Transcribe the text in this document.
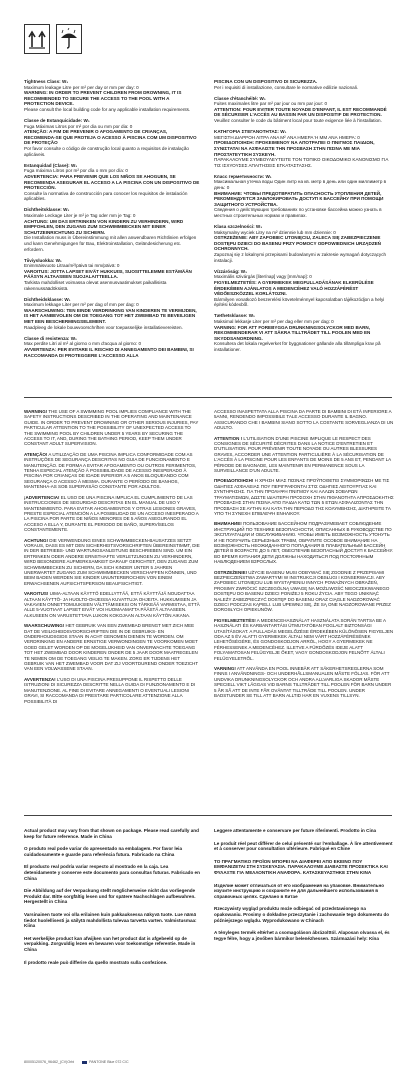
Tightness Class: W₁
Maximum leakage Litre per m² per day or mm per day: 0
WARNING: IN ORDER TO PREVENT CHILDREN FROM DROWNING, IT IS RECOMMENDED TO SECURE THE ACCESS TO THE POOL WITH A PROTECTION DEVICE.
Please consult the local building code for any applicable installation requirements.
Classe de Estanquicidade: W₁
Fuga Máximas Litros por m² por dia ou mm por dia: 0
ATENÇÃO: A FIM DE PREVENIR O AFOGAMENTO DE CRIANÇAS, RECOMENDA-SE QUE PROTEJA O ACESSO À PISCINA COM UM DISPOSITIVO DE PROTEÇÃO
Por favor consulte o código de construção local quanto a requisitos de instalação aplicáveis.
Estanquidad (Clase): W₁
Fuga máxima Litros por m² por día o mm por día: 0
ADVERTENCIA: PARA PREVENIR QUE LOS NIÑOS SE AHOGUEN, SE RECOMIENDA ASEGURAR EL ACCESO A LA PISCINA CON UN DISPOSITIVO DE PROTECCIÓN.
Consulte la normativa de construcción para conocer los requisitos de instalación aplicables.
Dichtheitsklasse: W₁
Maximale Leckage Liter je m² je Tag oder mm je Tag: 0
ACHTUNG: UM DAS ERTRINKEN VON KINDERN ZU VERHINDERN, WIRD EMPFOHLEN, DEN ZUGANG ZUM SCHWIMMBECKEN MIT EINER SCHUTZEINRICHTUNG ZU SICHERN.
Die Installation muss in Übereinstimmung mit allen anwendbaren Richtlinien erfolgen und kann Genehmigungen für Bau, Elektroinstallation, Geländesicherung etc. erfordern.
Tiiviysluokka: W₁
Enimmäisvuoto Litraa/m²/päivä tai mm/päivä: 0
VAROITUS: JOTTA LAPSET EIVÄT HUKKUISI, SUOSITTELEMME ESTÄMÄÄN PÄÄSYN ALTAASEEN SUOJALAITTEELLA.
Tarkista mahdolliset voimassa olevat asennusvaatimukset paikallisista rakennussäädöksistä.
Dichtheidsklasse: W₁
Maximum lekkage Liter per m² per dag of mm per dag: 0
WAARSCHUWING: TEN EINDE VERDRINKING VAN KINDEREN TE VERMIJDEN, IS HET AANBEVOLEN OM DE TOEGANG TOT HET ZWEMBAD TE BEVEILIGEN MET EEN BESCHERMINGSELEMENT.
Raadpleeg de lokale bouwvoorschriften voor toepasselijke installatievereisten.
Classe di resistenza: W₁
Max perdite Litri al m² al giorno o mm d'acqua al giorno: 0
AVVERTENZA: PER EVITARE IL RISCHIO DI ANNEGAMENTO DEI BAMBINI, SI RACCOMANDA DI PROTEGGERE L'ACCESSO ALLA
PISCINA CON UN DISPOSITIVO DI SICUREZZA.
Per i requisiti di installazione, consultare le normative edilizie nazionali.
Classe d'étanchéité: W₁
Fuites maximales litre par m² par jour ou mm par jour: 0
ATTENTION: POUR EVITER TOUTE NOYADE D'ENFANT, IL EST RECOMMANDÉ DE SÉCURISER L'ACCÈS AU BASSIN PAR UN DISPOSITIF DE PROTECTION.
Veuillez consulter le code du bâtiment local pour toute exigence liée à l'installation.
ΚΑΤΗΓΟΡΙΑ ΣΤΕΓΑΝΟΤΗΤΑΣ: W₁
ΜΕΓΙΣΤΗ ΔΙΑΡΡΟΗ ΛΙΤΡΑ ΑΝΑ M² ΑΝΑ ΗΜΕΡΑ Ή ΜΜ ΑΝΑ ΗΜΕΡΑ: 0
ΠΡΟΕΙΔΟΠΟΙΗΣΗ: ΠΡΟΚΕΙΜΕΝΟΥ ΝΑ ΑΠΟΤΡΑΠΕΙ Ο ΠΝΙΓΜΟΣ ΠΑΙΔΙΩΝ, ΣΥΝΙΣΤΑΤΑΙ ΝΑ ΑΣΦΑΛΙΣΤΕ ΤΗΝ ΠΡΟΣΒΑΣΗ ΣΤΗΝ ΠΙΣΙΝΑ ΜΕ ΜΙΑ ΠΡΟΣΤΑΤΕΥΤΙΚΗ ΣΥΣΚΕΥΗ.
ΠΑΡΑΚΑΛΟΥΜΕ ΣΥΜΒΟΥΛΕΥΤΕΙΤΕ ΤΟΝ ΤΟΠΙΚΟ ΟΙΚΟΔΟΜΙΚΟ ΚΑΝΟΝΙΣΜΟ ΓΙΑ ΤΙΣ ΙΣΧΥΟΥΣΕΣ ΑΠΑΙΤΗΣΕΙΣ ΕΓΚΑΤΑΣΤΑΣΗΣ.
Класс герметичности: W₁
Максимальная утечка воды Один литр на кв. метр в день или один миллиметр в день: 0
ВНИМАНИЕ: ЧТОБЫ ПРЕДОТВРАТИТЬ ОПАСНОСТЬ УТОПЛЕНИЯ ДЕТЕЙ, РЕКОМЕНДУЕТСЯ ЗАБЛОКИРОВАТЬ ДОСТУП К БАССЕЙНУ ПРИ ПОМОЩИ ЗАЩИТНОГО УСТРОЙСТВА.
Сведения о действующих требованиях по установке бассейна можно узнать в местных строительных нормах и правилах.
Klasa szczelności: W₁
Maksymalny wyciek Litry na m² dziennie lub mm dziennie: 0
OSTRZEŻENIE: ABY ZAPOBIEC UTONIĘCIU, ZALECA SIĘ ZABEZPIECZENIE DOSTĘPU DZIECI DO BASENU PRZY POMOCY ODPOWIEDNICH URZĄDZEŃ OCHRONNYCH.
Zapoznaj się z lokalnymi przepisami budowlanymi w zakresie wymagań dotyczących instalacji.
Vízzáróság: W₁
Maximális szivárgás [liter/nap] vagy [mm/nap]: 0
FIGYELMEZTETÉS: A GYERMEKEK MEGFULLADÁSÁNAK ELKERÜLÉSE ÉRDEKÉBEN AJÁNLATOS A MEDENCÉHEZ VALÓ HOZZÁFÉRÉST VÉDŐESZKÖZZEL KORLÁTOZNI.
Bármilyen vonatkozó beszerelési követelménnyel kapcsolatban tájékozódjon a helyi építési kódexből.
Tæthetsklasse: W₁
Maksimal lekkasje Liter per m² per dag eller mm per dag: 0
VARNING: FOR ATT FOREBYGGA DRUNKNINGSOLYCKOR MED BARN, REKOMMENDERAR VI ATT SÄKRA TILLTRÄDET TILL POOLEN MED EN SKYDDSANORDNING.
Konsultera det lokala regelverket för byggnationer gällande alla tillämpliga krav på installationer.
WARNING! THE USE OF A SWIMMING POOL IMPLIES COMPLIANCE WITH THE SAFETY INSTRUCTIONS DESCRIBED IN THE OPERATING AND MAINTENANCE GUIDE. IN ORDER TO PREVENT DROWNING OR OTHER SERIOUS INJURIES, PAY PARTICULAR ATTENTION TO THE POSSIBILITY OF UNEXPECTED ACCESS TO THE SWIMMING POOL BY CHILDREN UNDER 5 YEARS BY SECURING THE ACCESS TO IT, AND, DURING THE BATHING PERIOD, KEEP THEM UNDER CONSTANT ADULT SUPERVISION.
ATENÇÃO! A UTILIZAÇÃO DE UMA PISCINA IMPLICA CONFORMIDADE COM AS INSTRUÇÕES DE SEGURANÇA DESCRITAS NO GUIA DE FUNCIONAMENTO E MANUTENÇÃO. DE FORMA A EVITAR AFOGAMENTO OU OUTROS FERIMENTOS, TENHA ESPECIAL ATENÇÃO À POSSIBILIDADE DE ACESSO INESPERADO À PISCINA POR CRIANÇAS DE IDADE INFERIOR A 5 ANOS BLOQUEANDO COM SEGURANÇA O ACESSO À MESMA. DURANTE O PERÍODO DE BANHOS, MANTENHA-AS SOB SUPERVISÃO CONSTANTE POR ADULTOS.
¡ADVERTENCIA! EL USO DE UNA PISCINA IMPLICA EL CUMPLIMIENTO DE LAS INSTRUCCIONES DE SEGURIDAD DESCRITAS EN EL MANUAL DE USO Y MANTENIMIENTO. PARA EVITAR AHOGAMIENTOS Y OTRAS LESIONES GRAVES, PRESTE ESPECIAL ATENCIÓN A LA POSIBILIDAD DE UN ACCESO INESPERADO A LA PISCINA POR PARTE DE NIÑOS MENORES DE 5 AÑOS ASEGURANDO EL ACCESO A ELLA Y, DURANTE EL PERIODO DE BAÑO, SUPERVÍSELOS CONSTANTEMENTE.
ACHTUNG! DIE VERWENDUNG EINES SCHWIMMBECKEN-BAUSATZES SETZT VORAUS, DASS ES MIT DEN SICHERHEITSVORSCHRIFTEN ÜBEREINSTIMMT, DIE IN DER BETRIEBS- UND WARTUNGSANLEITUNG BESCHRIEBEN SIND. UM EIN ERTRINKEN ODER ANDERE ERNSTHAFTE VERLETZUNGEN ZU VERHINDERN, WIRD BESONDERE AUFMERKSAMKEIT DARAUF GERICHTET, DEN ZUGANG ZUM SCHWIMMBECKEN ZU SICHERN, DA SICH KINDER UNTER 5 JAHREN UNERWARTET ZUGANG ZUM SCHWIMMBECKEN VERSCHAFFEN KÖNNEN, UND BEIM BADEN WERDEN SIE KINDER UNUNTERBROCHEN VON EINEM ERWACHSENEN AUFSICHTSPERSON BEAUFSICHTIGT.
VAROITUS! UIMA-ALTAAN KÄYTTÖ EDELLYTTÄÄ, ETTÄ KÄYTTÄJÄ NOUDATTAA ALTAAN KÄYTTÖ- JA HUOLTO-OHJEISSA KUVATTUJA OHJEITA. HUKKUMISEN JA VAKAVIEN ONNETTOMUUKSIEN VÄLTTÄMISEKSI ON TÄRKEÄÄ VARMISTAA, ETTÄ ALLE 5-VUOTIAAT LAPSET EIVÄT VOI HUOMAAMATTA PÄÄSTÄ ALTAASEEN. ALKUSEEN ON VARUSTETTAVA LUKON KOKOJAAN ALTAAN KÄYTÖN AIKANA.
WAARSCHUWING! HET GEBRUIK VAN EEN ZWEMBAD BRENGT MET ZICH MEE DAT DE VEILIGHEIDSVOORSCHRIFTEN DIE IN DE GEBRUIKS- EN ONDERHOUDSGIDS STAAN IN ACHT GENOMEN DIENEN TE WORDEN. OM VERDRINKING EN ANDERE ERNSTIGE VERWONDINGEN TE VOORKOMEN MOET GOED GELET WORDEN OP DE MOGELIJKHEID VAN ONVERWACHTE TOEGANG TOT HET ZWEMBAD DOOR KINDEREN ONDER DE 5 JAAR DOOR MAATREGELEN TE NEMEN OM DE TOEGANG VEILIG TE MAKEN. ZORG ER TIJDENS HET GEBRUIK VAN HET ZWEMBAD VOOR DAT ZIJ VOORTDUREND ONDER TOEZICHT VAN EEN VOLWASSENE STAAN.
AVVERTENZA! L'USO DI UNA PISCINA PRESUPPONE IL RISPETTO DELLE ISTRUZIONI DI SICUREZZA DESCRITTE NELLA GUIDA DI FUNZIONAMENTO E DI MANUTENZIONE. AL FINE DI EVITARE ANNEGAMENTI O EVENTUALI LESIONI GRAVI, SI RACCOMANDA DI PRESTARE PARTICOLARE ATTENZIONE ALLA POSSIBILITÀ DI
ACCESSO INASPETTATA ALLA PISCINA DA PARTE DI BAMBINI DI ETÀ INFERIORE A 5ANNI, RENDENDO IMPOSSIBILE TALE ACCESSO DURANTE IL BAGNO. ASSICURANDO CHE I BAMBINI SIANO SOTTO LA COSTANTE SORVEGLIANZA DI UN ADULTO.
ATTENTION ! L'UTILISATION D'UNE PISCINE IMPLIQUE LE RESPECT DES CONSIGNES DE SÉCURITÉ DÉCRITES DANS LA NOTICE D'ENTRETIEN ET D'UTILISATION. POUR PRÉVENIR TOUTE NOYADE OU AUTRES BLESSURES GRAVES, ACCORDER UNE ATTENTION PARTICULIÈRE À LA SÉCURISATION DE L'ACCÈS À LA PISCINE POUR LES ENFANTS DE MOINS DE 5 ANS ET, PENDANT LA PÉRIODE DE BAIGNADE, LES MAINTENIR EN PERMANENCE SOUS LA SURVEILLANCE D'UN ADULTE.
ΠΡΟΕΙΔΟΠΟΙΗΣΗ! Η ΧΡΗΣΗ ΜΙΑΣ ΠΙΣΙΝΑΣ ΠΡΟΫΠΟΘΕΤΕΙ ΣΥΜΜΟΡΦΩΣΗ ΜΕ ΤΙΣ ΟΔΗΓΙΕΣ ΑΣΦΑΛΕΙΑΣ ΠΟΥ ΠΕΡΙΓΡΑΦΟΝΤΑΙ ΣΤΙΣ ΟΔΗΓΙΕΣ ΛΕΙΤΟΥΡΓΙΑΣ ΚΑΙ ΣΥΝΤΗΡΗΣΗΣ. ΓΙΑ ΤΗΝ ΠΡΟΛΗΨΗ ΠΝΙΓΜΟΥ ΚΑΙ ΑΛΛΩΝ ΣΟΒΑΡΩΝ ΤΡΑΥΜΑΤΙΣΜΩΝ, ΔΩΣΤΕ ΙΔΙΑΙΤΕΡΗ ΠΡΟΣΟΧΗ ΣΤΗΝ ΠΙΘΑΝΟΤΗΤΑ ΑΠΡΟΣΔΟΚΗΤΗΣ ΠΡΟΣΒΑΣΗΣ ΣΤΗΝ ΠΙΣΙΝΑ ΑΠΟ ΠΑΙΔΙΑ ΚΑΤΩ ΤΩΝ 5 ΕΤΩΝ ΑΣΦΑΛΙΖΟΝΤΑΣ ΤΗΝ ΠΡΟΣΒΑΣΗ ΣΕ ΑΥΤΗΝ ΚΑΙ ΚΑΤΑ ΤΗΝ ΠΕΡΙΟΔΟ ΤΗΣ ΚΟΛΥΜΒΗΣΗΣ, ΔΙΑΤΗΡΕΙΤΕ ΤΑ ΥΠΟ ΤΗ ΣΥΝΕΧΗ ΕΠΙΒΛΕΨΗ ΕΝΗΛΙΚΟΥ.
ВНИМАНИЕ! ПОЛЬЗОВАНИЕ БАССЕЙНОМ ПОДРАЗУМЕВАЕТ СОБЛЮДЕНИЕ ИНСТРУКЦИЙ ПО ТЕХНИКЕ БЕЗОПАСНОСТИ, ОПИСАННЫХ В РУКОВОДСТВЕ ПО ЭКСПЛУАТАЦИИ И ОБСЛУЖИВАНИЮ. ЧТОБЫ ИМЕТЬ ВОЗМОЖНОСТЬ УТОНУТЬ И НЕ ПОЛУЧИТЬ СЕРЬЕЗНЫХ ТРАВМ, ОБРАТИТЕ ОСОБОЕ ВНИМАНИЕ НА ВОЗМОЖНОСТЬ НЕОЖИДАННОГО ПОПАДАНИЯ В ПЛАВАТЕЛЬНЫЙ БАССЕЙН ДЕТЕЙ В ВОЗРАСТЕ ДО 5 ЛЕТ, ОБЕСПЕЧИВ БЕЗОПАСНЫЙ ДОСТУП К БАССЕЙНУ. ВО ВРЕМЯ КУПАНИЯ ДЕТИ ДОЛЖНЫ НАХОДИТЬСЯ ПОД ПОСТОЯННЫМ НАБЛЮДЕНИЕМ ВЗРОСЛЫХ.
OSTRZEŻENIE! UŻYCIE BASENU MUSI ODBYWAĆ SIĘ ZGODNIE Z PRZEPISAMI BEZPIECZEŃSTWA ZAWARTYMI W INSTRUKCJI OBSŁUGI I KONSERWACJI. ABY ZAPOBIEC UTONIĘCIU LUB WYSTĄPIENIU INNYCH POWAŻNYCH OBRAŻEŃ, PROSIMY ZWRÓCIĆ SZCZEGÓLNĄ UWAGĘ NA MOŻLIWOŚĆ NIEOCZEKIWANEGO DOSTĘPU DO BASENU DZIECI PONIŻEJ 5 ROKU ŻYCIA. ABY TEGO UNIKNĄĆ NALEŻY ZABEZPIECZYĆ DOSTĘP DO BASENU ORAZ CIĄGLE NADZOROWAĆ DZIECI PODCZAS KĄPIELI. LUB UPEWNIJ SIĘ, ŻE SĄ ONE NADZOROWANE PRZEZ DOROSŁYCH OPIEKUNÓW.
FIGYELMEZTETÉS! A MEDENCEHASZNÁLAT HASZNÁLATA SORÁN TARTSA BE A HASZNÁLATI ÉS KARBANTARTÁSI ÚTMUTATÓBAN FOGLALT BIZTONSÁGI UTASÍTÁSOKAT. A FULLADÁS MEGELŐZÉSE ÉRDEKÉBEN KÜLÖNÖSEN FIGYELJEN ODA AZ 5 ÉV ALATTI GYERMEKEK ÁLTALI NEM VÁRT HOZZÁFÉRÉSÉNEK LEHETŐSÉGÉRE, ÉS GONDOSKODJON ARRÓL, HOGY A GYERMEKEK NE FÉRHESSENEK A MEDENCÉHEZ. ILLETVE A FÜRDŐZÉS IDEJE ALATT FOLYAMATOSAN FELÜGYELJE ŐKET, VAGY GONDOSKODJON FELNŐTT ÁLTALI FELÜGYELETRŐL.
VARNING! ATT ANVÄNDA EN POOL INNEBÄR ATT SÄKERHETSREGLERNA SOM FINNS I ANVÄNDNINGS- OCH UNDERHÅLLSMANUALEN MÅSTE FÖLJAS. FÖR ATT UNDVIKA DRUNKNINGSOLYCKOR OCH ANDRA ALLVARLIGA SKADOR MÅSTE SPECIELL VIKT LÄGGAS VID BARNS TILLTRÄDET TILL POOLEN FÖR BARN UNDER 5 ÅR SÅ ATT DE INTE FÅR OVÄNTAT TILLTRÄDE TILL POOLEN. UNDER BADSTUNDER SE TILL ATT BARN ALLTID HAR EN VUXENS TILLSYN.
Actual product may vary from that shown on package. Please read carefully and keep for future reference. Made in China
O produto real pode variar do apresentado na embalagem. Por favor leia cuidadosamente e guarde para referência futura. Fabricado na China
El producto real podría variar respecto al mostrado en la caja. Lea detenidamente y conserve este documento para consultas futuras. Fabricado en China
Die Abbildung auf der Verpackung stellt möglicherweise nicht das vorliegende Produkt dar. Bitte sorgfältig lesen und für spätere Nachschlagen aufbewahren. Hergestellt in China
Varsinainen tuote voi olla erilainen kuin pakkauksessa näkyvä tuote. Lue nämä tiedot huolellisesti ja säilytä mahdollista tulevaa tarvetta varten. Valmistusmaa: Kiina
Het werkelijke product kan afwijken van het product dat is afgebeeld op de verpakking. Zorgvuldig lezen en bewaren voor toekomstige referentie. Made in China
Il prodotto reale può differire da quello mostrato sulla confezione.
Leggere attentamente e conservare per future riferimenti. Prodotto in Cina
Le produit réel peut différer de celui présenté sur l'emballage. À lire attentivement et à conserver pour consultation ultérieure. Fabriqué en Chine
ΤΟ ΠΡΑΓΜΑΤΙΚΟ ΠΡΟΪΟΝ ΜΠΟΡΕΙ ΝΑ ΔΙΑΦΕΡΕΙ ΑΠΟ ΕΚΕΙΝΟ ΠΟΥ ΕΜΦΑΝΙΖΕΤΑΙ ΣΤΗ ΣΥΣΚΕΥΑΣΙΑ. ΠΑΡΑΚΑΛΟΥΜΕ ΔΙΑΒΑΣΤΕ ΠΡΟΣΕΚΤΙΚΑ ΚΑΙ ΦΥΛΑΞΤΕ ΓΙΑ ΜΕΛΛΟΝΤΙΚΗ ΑΝΑΦΟΡΑ. ΚΑΤΑΣΚΕΥΑΣΤΗΚΕ ΣΤΗΝ ΚΙΝΑ
Изделие может отличаться от его изображения на упаковке. Внимательно изучите инструкцию и сохраните ее для дальнейшего использования в справочных целях. Сделано в Китае
Rzeczywisty wygląd produktu może odbiegać od przedstawionego na opakowaniu. Prosimy o dokładne przeczytanie i zachowanie tego dokumentu do późniejszego wglądu. Wyprodukowano w Chinach
A tényleges termék eltérhet a csomagoláson ábrázolttól. Alaposan olvassa el, és tegye félre, hogy a jövőben bármikor belenézhessen. Származási hely: Kína
80005120076_96462_(CV)Orbi	PANTONE Blue 072 C/C
